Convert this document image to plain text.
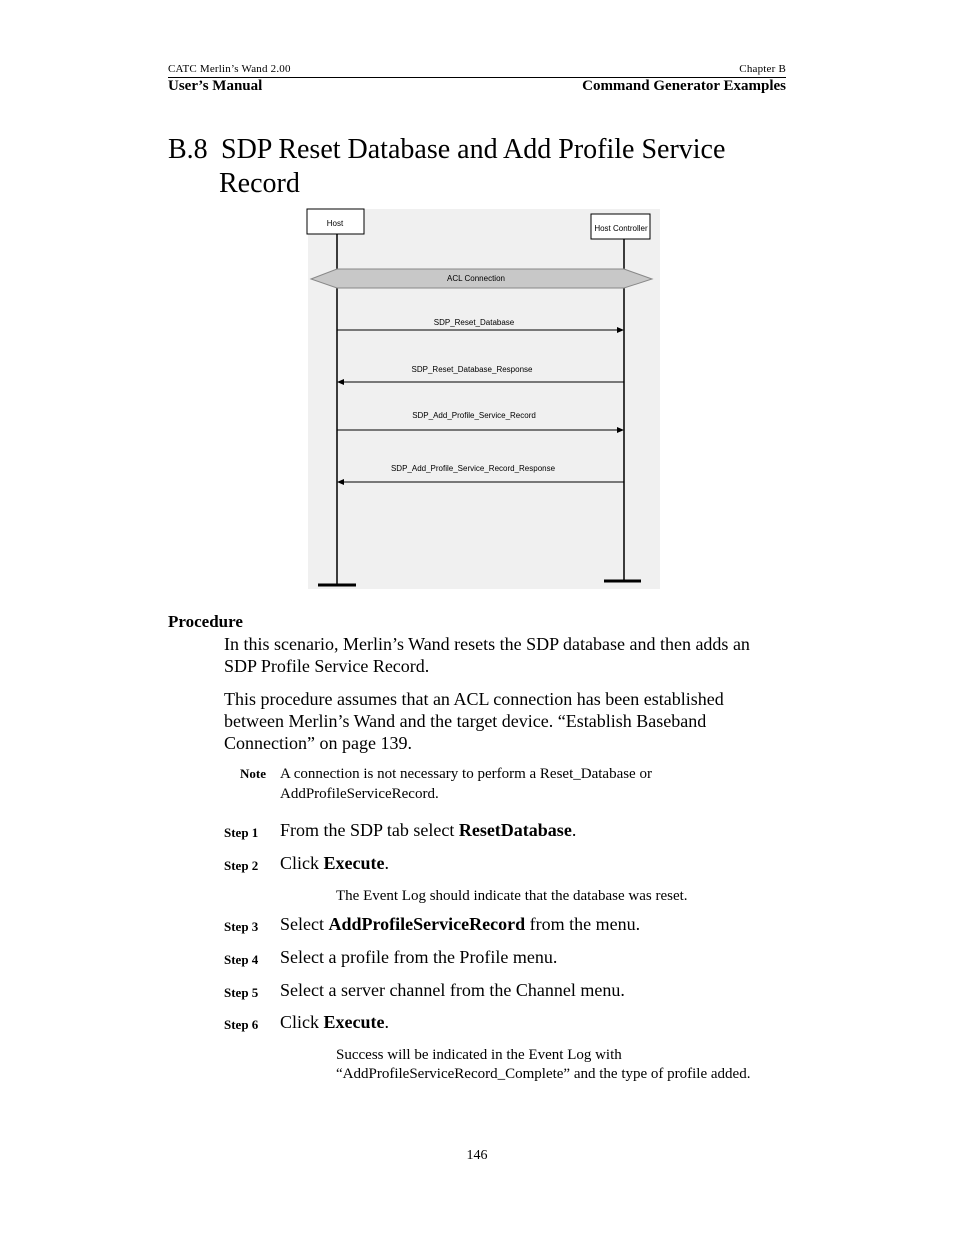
CATC Merlin’s Wand 2.00	Chapter B
User’s Manual	Command Generator Examples
B.8 SDP Reset Database and Add Profile Service
Record
Host
Host Controller
ACL Connection
SDP_Reset_Database
SDP_Reset_Database_Response
SDP_Add_Profile_Service_Record
SDP_Add_Profile_Service_Record_Response
Procedure
In this scenario, Merlin’s Wand resets the SDP database and then adds an
SDP Profile Service Record.
This procedure assumes that an ACL connection has been established
between Merlin’s Wand and the target device. “Establish Baseband
Connection” on page 139.
Note A connection is not necessary to perform a Reset_Database or
AddProfileServiceRecord.
Step 1 From the SDP tab select ResetDatabase.
Step 2 Click Execute.
The Event Log should indicate that the database was reset.
Step 3 Select AddProfileServiceRecord from the menu.
Step 4 Select a profile from the Profile menu.
Step 5 Select a server channel from the Channel menu.
Step 6 Click Execute.
Success will be indicated in the Event Log with
“AddProfileServiceRecord_Complete” and the type of profile added.
146
